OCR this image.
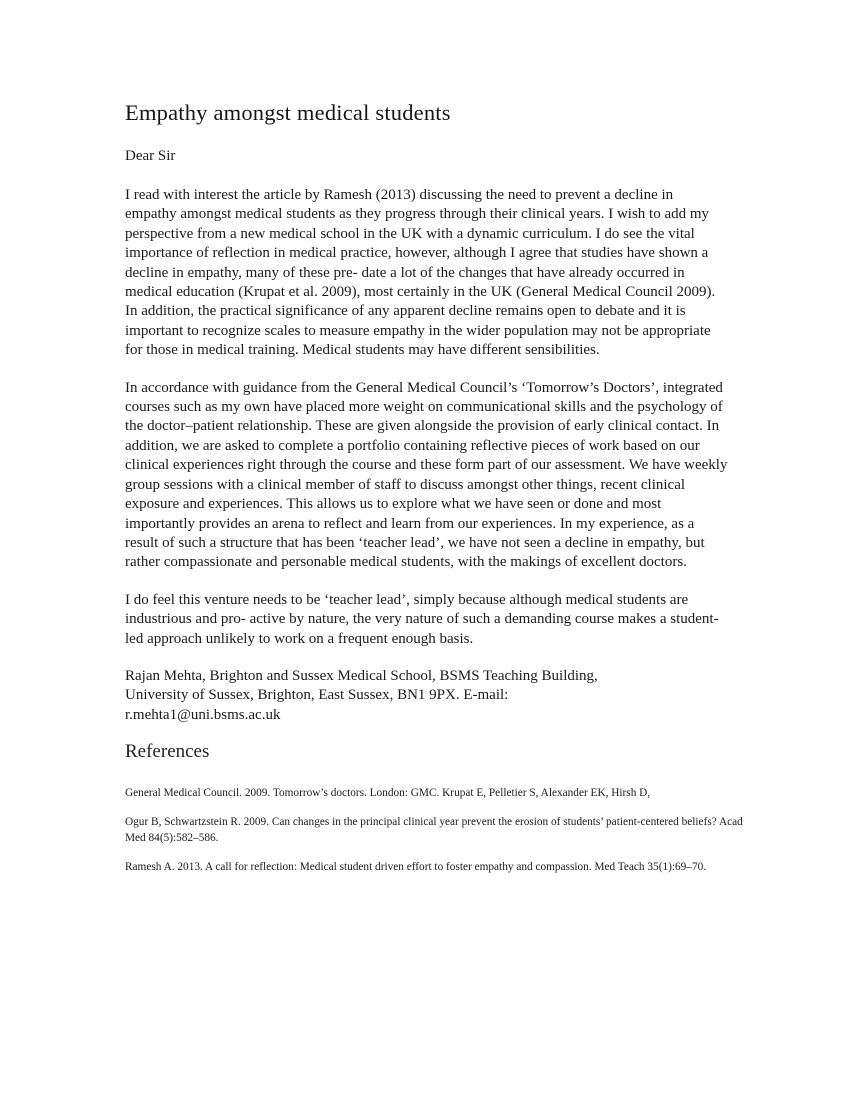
Empathy amongst medical students

Dear Sir

I read with interest the article by Ramesh (2013) discussing the need to prevent a decline in empathy amongst medical students as they progress through their clinical years. I wish to add my perspective from a new medical school in the UK with a dynamic curriculum. I do see the vital importance of reflection in medical practice, however, although I agree that studies have shown a decline in empathy, many of these pre- date a lot of the changes that have already occurred in medical education (Krupat et al. 2009), most certainly in the UK (General Medical Council 2009). In addition, the practical significance of any apparent decline remains open to debate and it is important to recognize scales to measure empathy in the wider population may not be appropriate for those in medical training. Medical students may have different sensibilities.

In accordance with guidance from the General Medical Council’s ‘Tomorrow’s Doctors’, integrated courses such as my own have placed more weight on communicational skills and the psychology of the doctor–patient relationship. These are given alongside the provision of early clinical contact. In addition, we are asked to complete a portfolio containing reflective pieces of work based on our clinical experiences right through the course and these form part of our assessment. We have weekly group sessions with a clinical member of staff to discuss amongst other things, recent clinical exposure and experiences. This allows us to explore what we have seen or done and most importantly provides an arena to reflect and learn from our experiences. In my experience, as a result of such a structure that has been ‘teacher lead’, we have not seen a decline in empathy, but rather compassionate and personable medical students, with the makings of excellent doctors.

I do feel this venture needs to be ‘teacher lead’, simply because although medical students are industrious and pro- active by nature, the very nature of such a demanding course makes a student-led approach unlikely to work on a frequent enough basis.

Rajan Mehta, Brighton and Sussex Medical School, BSMS Teaching Building,
University of Sussex, Brighton, East Sussex, BN1 9PX. E-mail:
r.mehta1@uni.bsms.ac.uk
References

General Medical Council. 2009. Tomorrow’s doctors. London: GMC. Krupat E, Pelletier S, Alexander EK, Hirsh D,

Ogur B, Schwartzstein R. 2009. Can changes in the principal clinical year prevent the erosion of students’ patient-centered beliefs? Acad Med 84(5):582–586.

Ramesh A. 2013. A call for reflection: Medical student driven effort to foster empathy and compassion. Med Teach 35(1):69–70.
